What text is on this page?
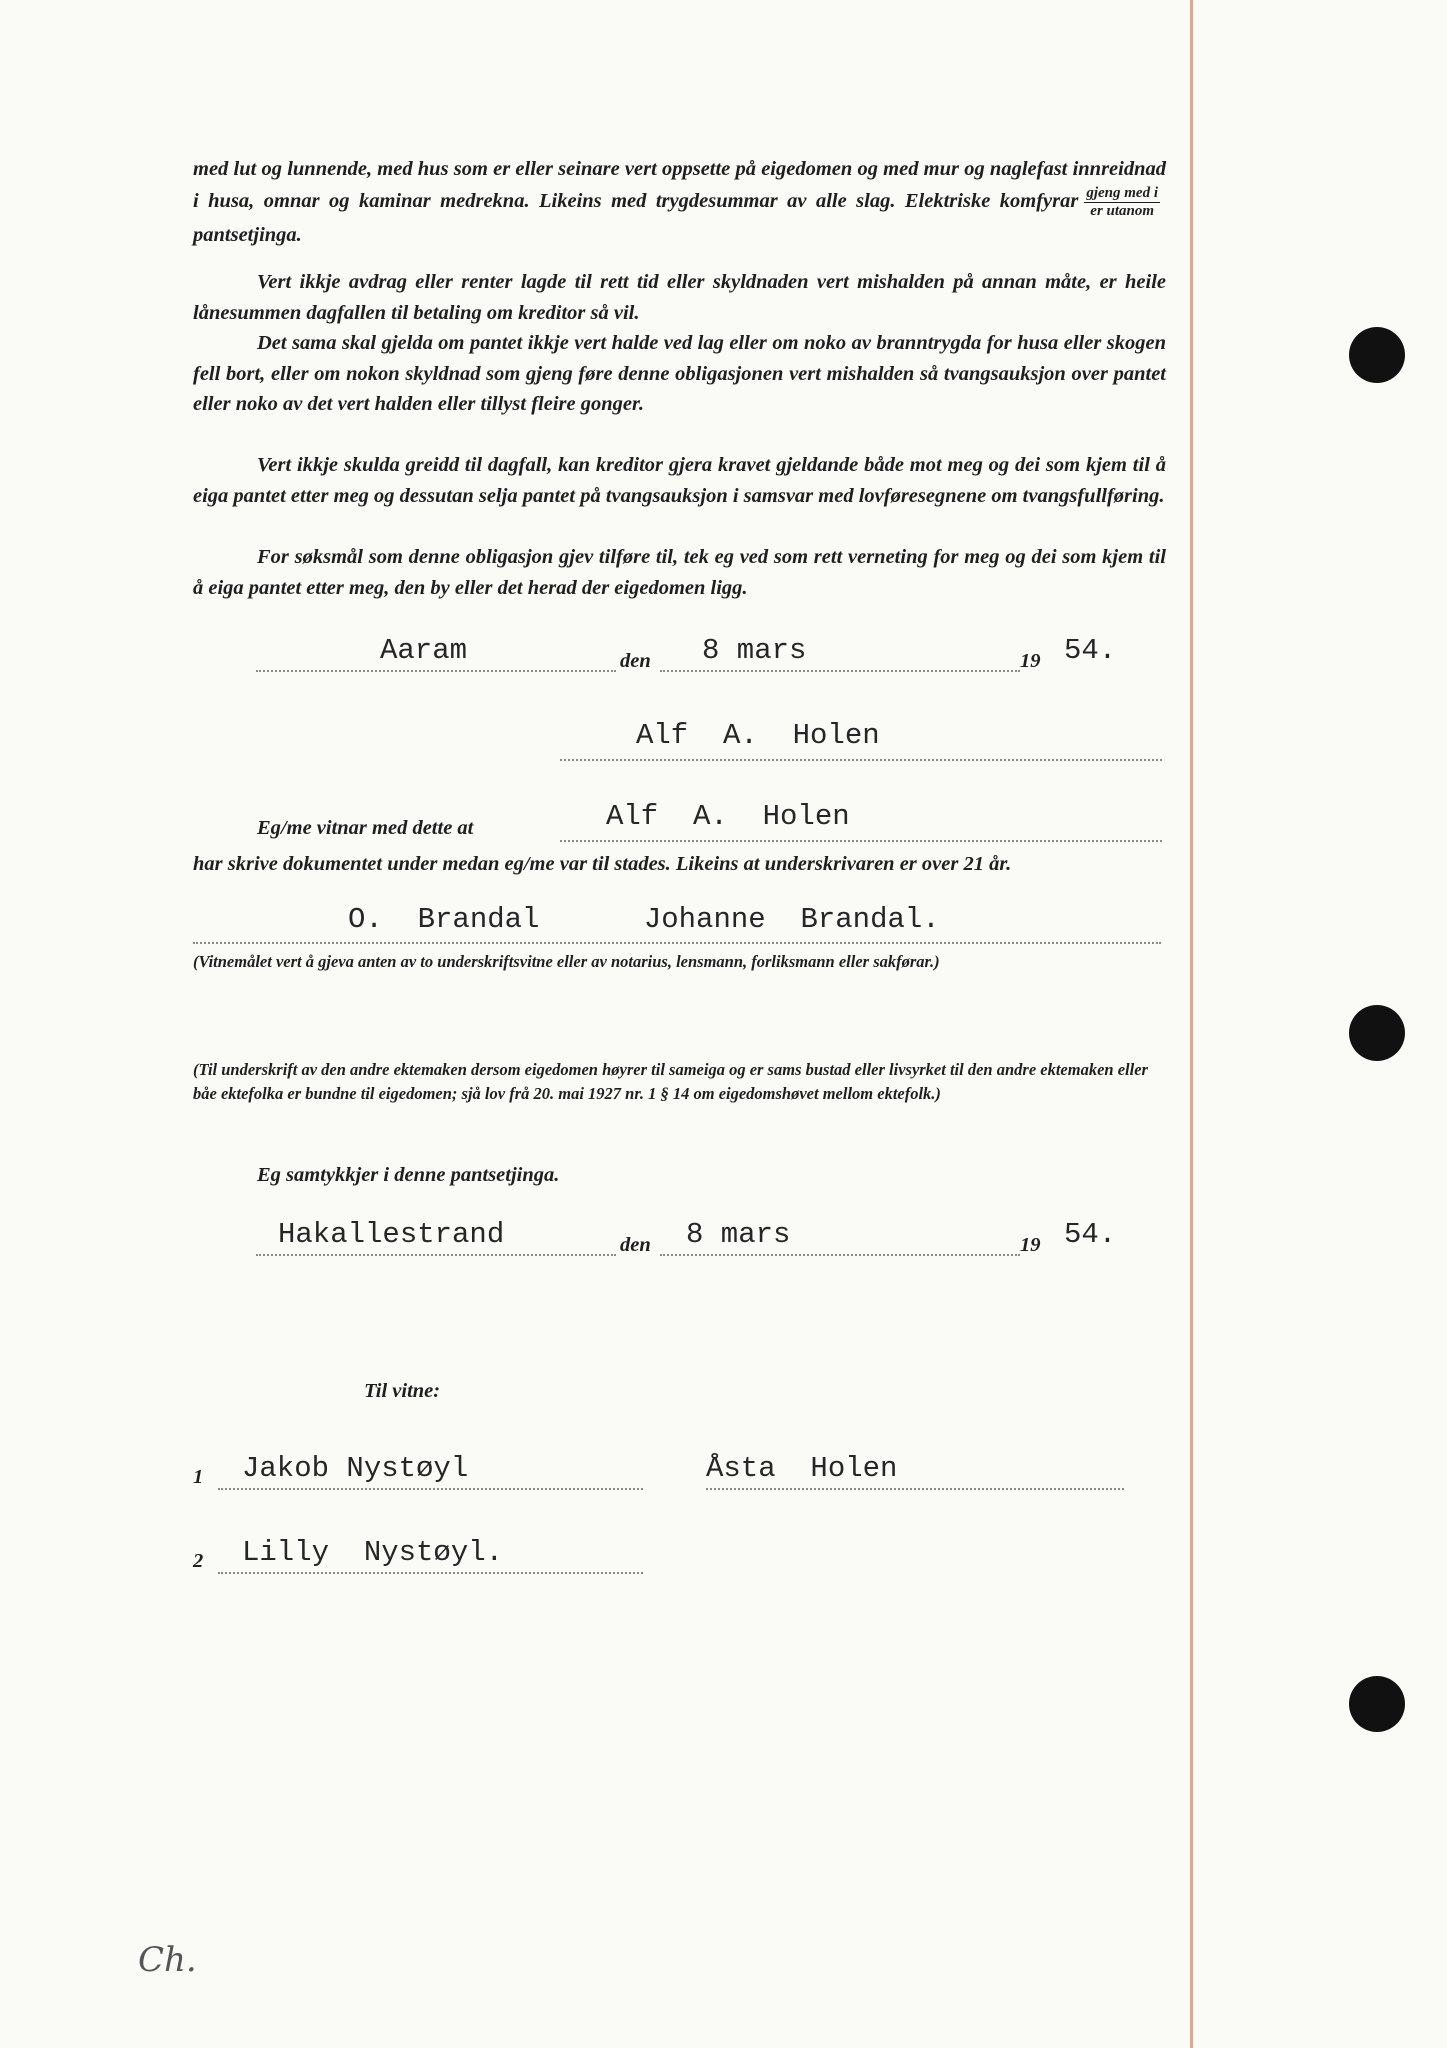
med lut og lunnende, med hus som er eller seinare vert oppsette på eigedomen og med mur og naglefast innreidnad i husa, omnar og kaminar medrekna. Likeins med trygdesummar av alle slag. Elektriske komfyrar $\frac{\text{gjeng med i}}{\text{er utanom}}$
pantsetjinga.

Vert ikkje avdrag eller renter lagde til rett tid eller skyldnaden vert mishalden på annan måte, er heile lånesummen dagfallen til betaling om kreditor så vil.

Det sama skal gjelda om pantet ikkje vert halde ved lag eller om noko av branntrygda for husa eller skogen fell bort, eller om nokon skyldnad som gjeng føre denne obligasjonen vert mishalden så tvangsauksjon over pantet eller noko av det vert halden eller tillyst fleire gonger.

Vert ikkje skulda greidd til dagfall, kan kreditor gjera kravet gjeldande både mot meg og dei som kjem til å eiga pantet etter meg og dessutan selja pantet på tvangsauksjon i samsvar med lovføresegnene om tvangsfullføring.

For søksmål som denne obligasjon gjev tilføre til, tek eg ved som rett verneting for meg og dei som kjem til å eiga pantet etter meg, den by eller det herad der eigedomen ligg.

Aaram	den 8 mars	19 54.
Alf  A.  Holen
Eg/me vitnar med dette at	Alf  A.  Holen

har skrive dokumentet under medan eg/me var til stades. Likeins at underskrivaren er over 21 år.

O.  Brandal      Johanne  Brandal.

(Vitnemålet vert å gjeva anten av to underskriftsvitne eller av notarius, lensmann, forliksmann eller sakførar.)

(Til underskrift av den andre ektemaken dersom eigedomen høyrer til sameiga og er sams bustad eller livsyrket til den andre ektemaken eller båe ektefolka er bundne til eigedomen; sjå lov frå 20. mai 1927 nr. 1 § 14 om eigedomshøvet mellom ektefolk.)

Eg samtykkjer i denne pantsetjinga.
Hakallestrand	den 8 mars	19 54.
Til vitne:
1 Jakob Nystøyl	Åsta  Holen
2 Lilly  Nystøyl.
Ch.
